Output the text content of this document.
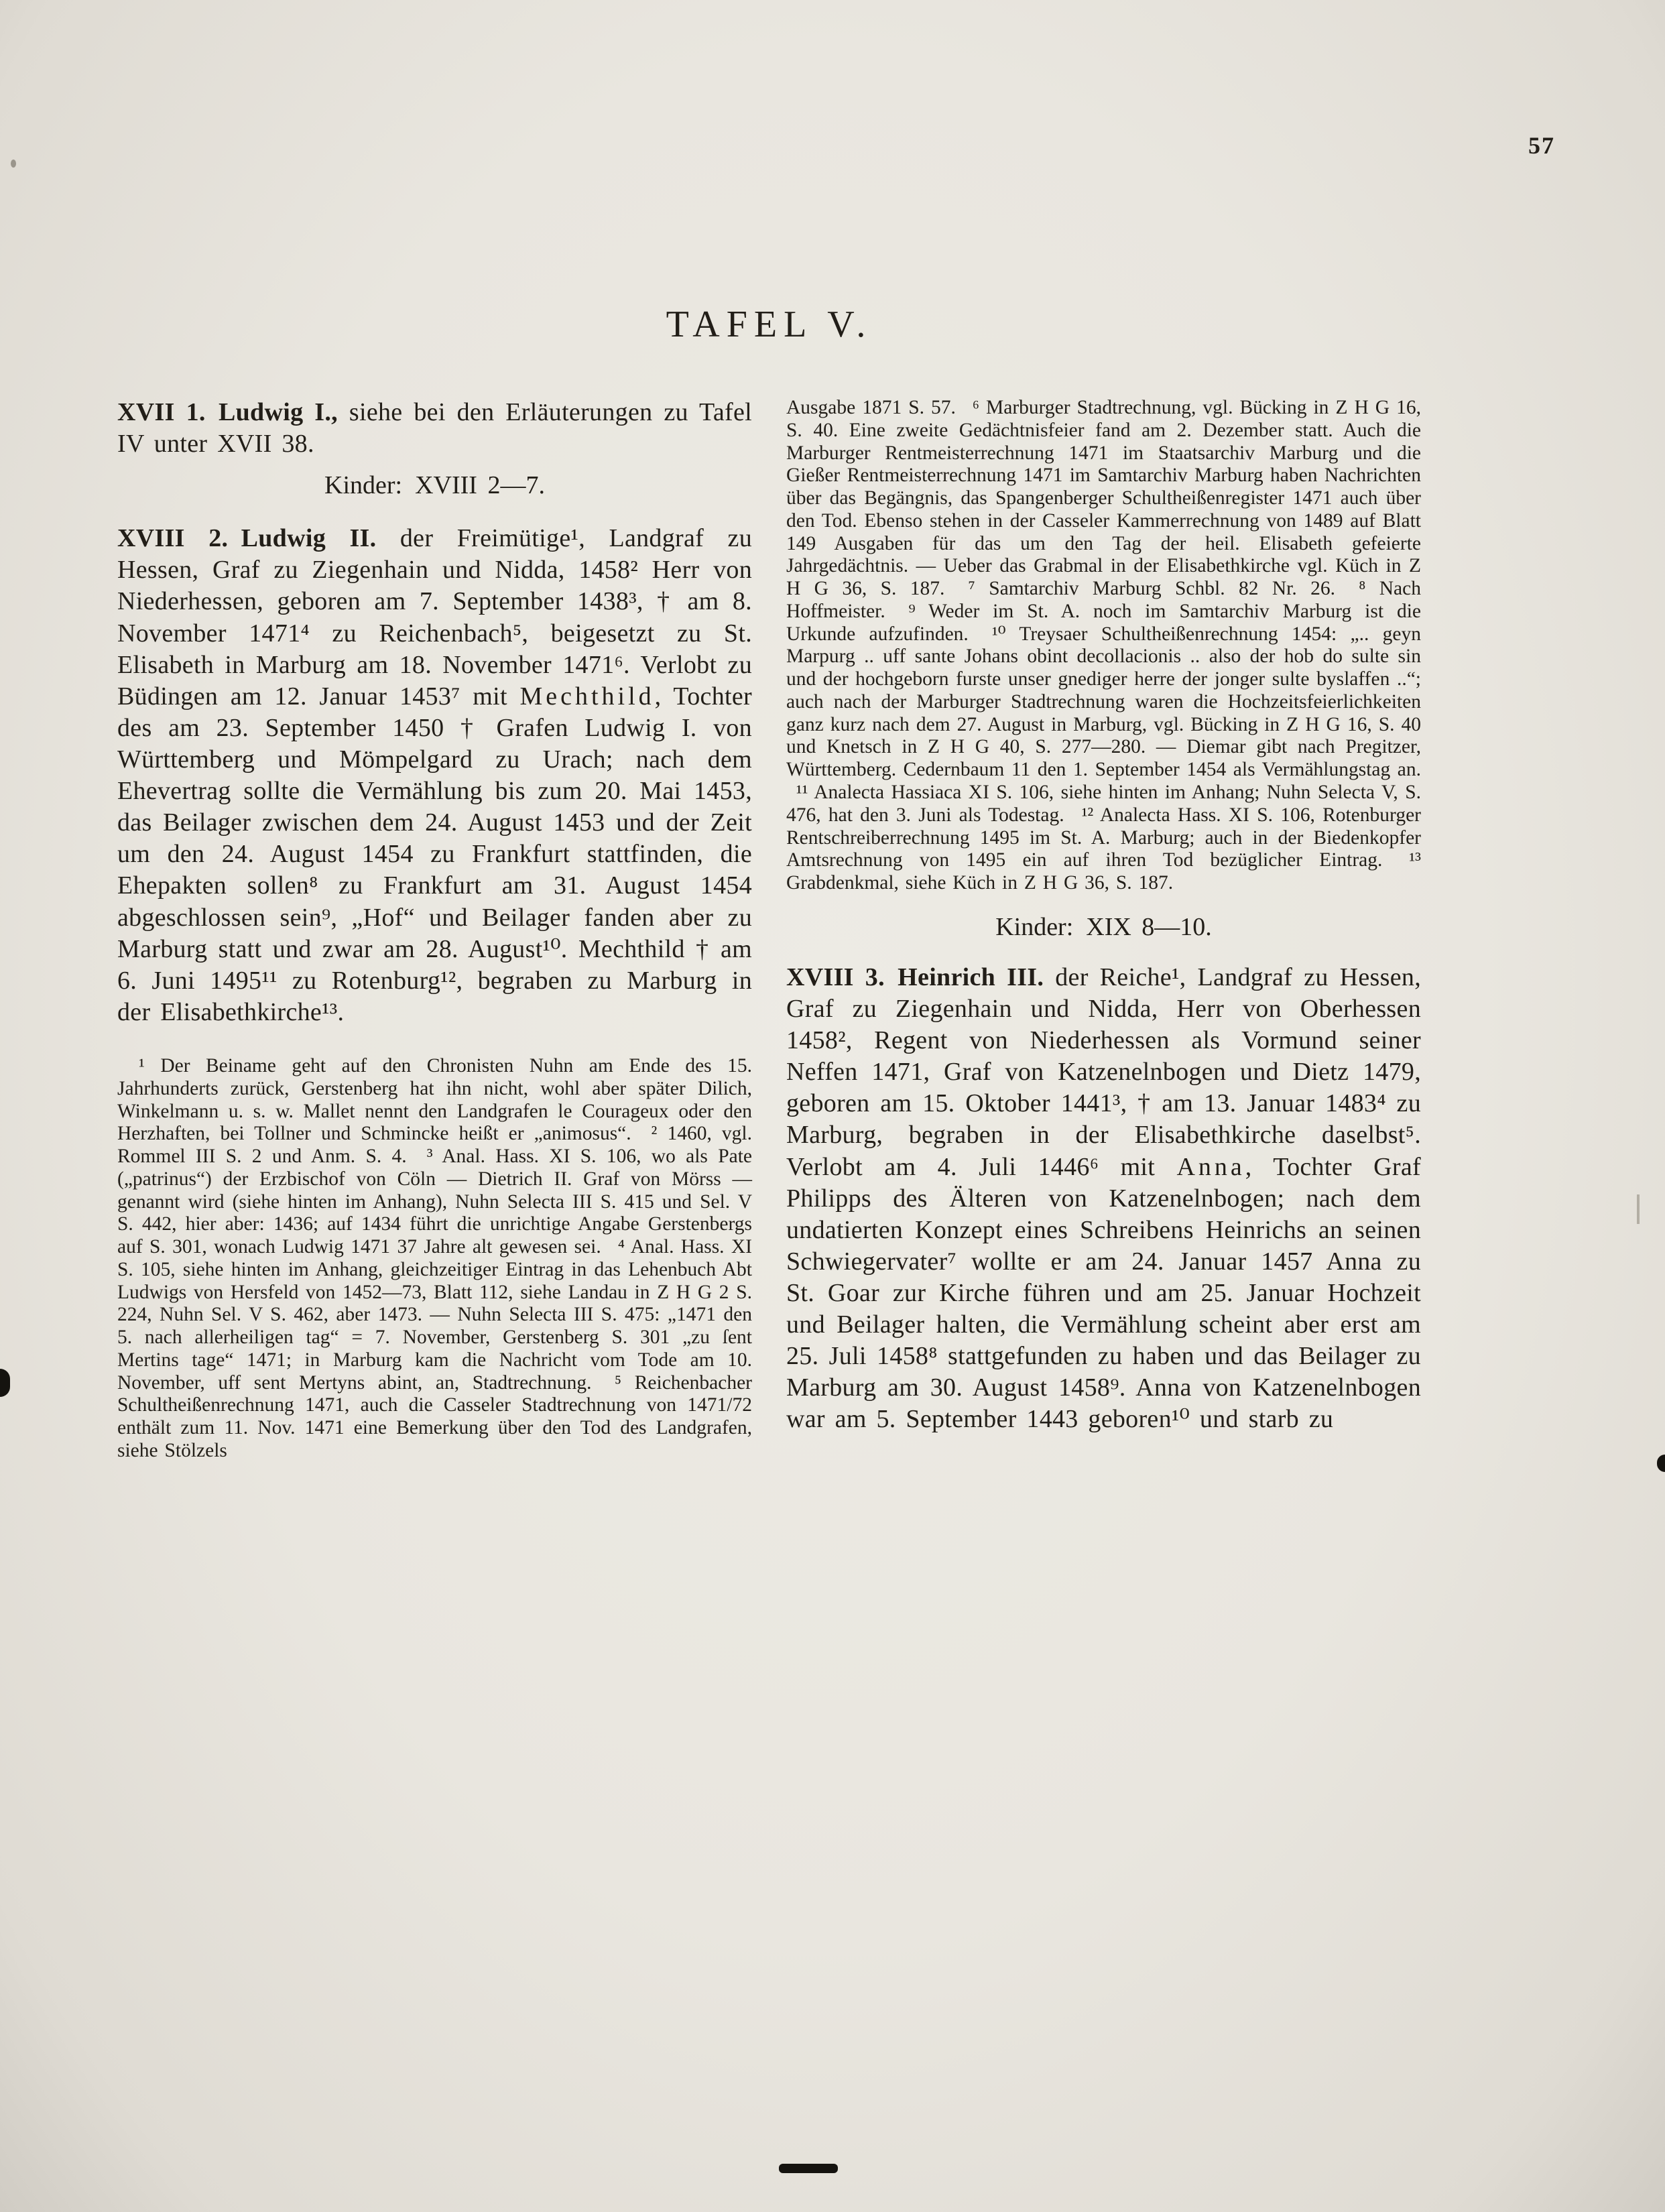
57
TAFEL V.

XVII 1. Ludwig I., siehe bei den Erläuterungen zu Tafel IV unter XVII 38.

Kinder: XVIII 2—7.

XVIII 2. Ludwig II. der Freimütige¹, Landgraf zu Hessen, Graf zu Ziegenhain und Nidda, 1458² Herr von Niederhessen, geboren am 7. September 1438³, † am 8. November 1471⁴ zu Reichenbach⁵, beigesetzt zu St. Elisabeth in Marburg am 18. November 1471⁶. Verlobt zu Büdingen am 12. Januar 1453⁷ mit Mechthild, Tochter des am 23. September 1450 † Grafen Ludwig I. von Württemberg und Mömpelgard zu Urach; nach dem Ehevertrag sollte die Vermählung bis zum 20. Mai 1453, das Beilager zwischen dem 24. August 1453 und der Zeit um den 24. August 1454 zu Frankfurt stattfinden, die Ehepakten sollen⁸ zu Frankfurt am 31. August 1454 abgeschlossen sein⁹, „Hof“ und Beilager fanden aber zu Marburg statt und zwar am 28. August¹⁰. Mechthild † am 6. Juni 1495¹¹ zu Rotenburg¹², begraben zu Marburg in der Elisabethkirche¹³.

¹ Der Beiname geht auf den Chronisten Nuhn am Ende des 15. Jahrhunderts zurück, Gerstenberg hat ihn nicht, wohl aber später Dilich, Winkelmann u. s. w. Mallet nennt den Landgrafen le Courageux oder den Herzhaften, bei Tollner und Schmincke heißt er „animosus“.  ² 1460, vgl. Rommel III S. 2 und Anm. S. 4.  ³ Anal. Hass. XI S. 106, wo als Pate („patrinus“) der Erzbischof von Cöln — Dietrich II. Graf von Mörss — genannt wird (siehe hinten im Anhang), Nuhn Selecta III S. 415 und Sel. V S. 442, hier aber: 1436; auf 1434 führt die unrichtige Angabe Gerstenbergs auf S. 301, wonach Ludwig 1471 37 Jahre alt gewesen sei.  ⁴ Anal. Hass. XI S. 105, siehe hinten im Anhang, gleichzeitiger Eintrag in das Lehenbuch Abt Ludwigs von Hersfeld von 1452—73, Blatt 112, siehe Landau in Z H G 2 S. 224, Nuhn Sel. V S. 462, aber 1473. — Nuhn Selecta III S. 475: „1471 den 5. nach allerheiligen tag“ = 7. November, Gerstenberg S. 301 „zu ſent Mertins tage“ 1471; in Marburg kam die Nachricht vom Tode am 10. November, uff sent Mertyns abint, an, Stadtrechnung.  ⁵ Reichenbacher Schultheißenrechnung 1471, auch die Casseler Stadtrechnung von 1471/72 enthält zum 11. Nov. 1471 eine Bemerkung über den Tod des Landgrafen, siehe Stölzels

Ausgabe 1871 S. 57.  ⁶ Marburger Stadtrechnung, vgl. Bücking in Z H G 16, S. 40. Eine zweite Gedächtnisfeier fand am 2. Dezember statt. Auch die Marburger Rentmeisterrechnung 1471 im Staatsarchiv Marburg und die Gießer Rentmeisterrechnung 1471 im Samtarchiv Marburg haben Nachrichten über das Begängnis, das Spangenberger Schultheißenregister 1471 auch über den Tod. Ebenso stehen in der Casseler Kammerrechnung von 1489 auf Blatt 149 Ausgaben für das um den Tag der heil. Elisabeth gefeierte Jahrgedächtnis. — Ueber das Grabmal in der Elisabethkirche vgl. Küch in Z H G 36, S. 187.  ⁷ Samtarchiv Marburg Schbl. 82 Nr. 26.  ⁸ Nach Hoffmeister.  ⁹ Weder im St. A. noch im Samtarchiv Marburg ist die Urkunde aufzufinden.  ¹⁰ Treysaer Schultheißenrechnung 1454: „.. geyn Marpurg .. uff sante Johans obint decollacionis .. also der hob do sulte sin und der hochgeborn furste unser gnediger herre der jonger sulte byslaffen ..“; auch nach der Marburger Stadtrechnung waren die Hochzeitsfeierlichkeiten ganz kurz nach dem 27. August in Marburg, vgl. Bücking in Z H G 16, S. 40 und Knetsch in Z H G 40, S. 277—280. — Diemar gibt nach Pregitzer, Württemberg. Cedernbaum 11 den 1. September 1454 als Vermählungstag an.  ¹¹ Analecta Hassiaca XI S. 106, siehe hinten im Anhang; Nuhn Selecta V, S. 476, hat den 3. Juni als Todestag.  ¹² Analecta Hass. XI S. 106, Rotenburger Rentschreiberrechnung 1495 im St. A. Marburg; auch in der Biedenkopfer Amtsrechnung von 1495 ein auf ihren Tod bezüglicher Eintrag.  ¹³ Grabdenkmal, siehe Küch in Z H G 36, S. 187.

Kinder: XIX 8—10.

XVIII 3. Heinrich III. der Reiche¹, Landgraf zu Hessen, Graf zu Ziegenhain und Nidda, Herr von Oberhessen 1458², Regent von Niederhessen als Vormund seiner Neffen 1471, Graf von Katzenelnbogen und Dietz 1479, geboren am 15. Oktober 1441³, † am 13. Januar 1483⁴ zu Marburg, begraben in der Elisabethkirche daselbst⁵. Verlobt am 4. Juli 1446⁶ mit Anna, Tochter Graf Philipps des Älteren von Katzenelnbogen; nach dem undatierten Konzept eines Schreibens Heinrichs an seinen Schwiegervater⁷ wollte er am 24. Januar 1457 Anna zu St. Goar zur Kirche führen und am 25. Januar Hochzeit und Beilager halten, die Vermählung scheint aber erst am 25. Juli 1458⁸ stattgefunden zu haben und das Beilager zu Marburg am 30. August 1458⁹. Anna von Katzenelnbogen war am 5. September 1443 geboren¹⁰ und starb zu
